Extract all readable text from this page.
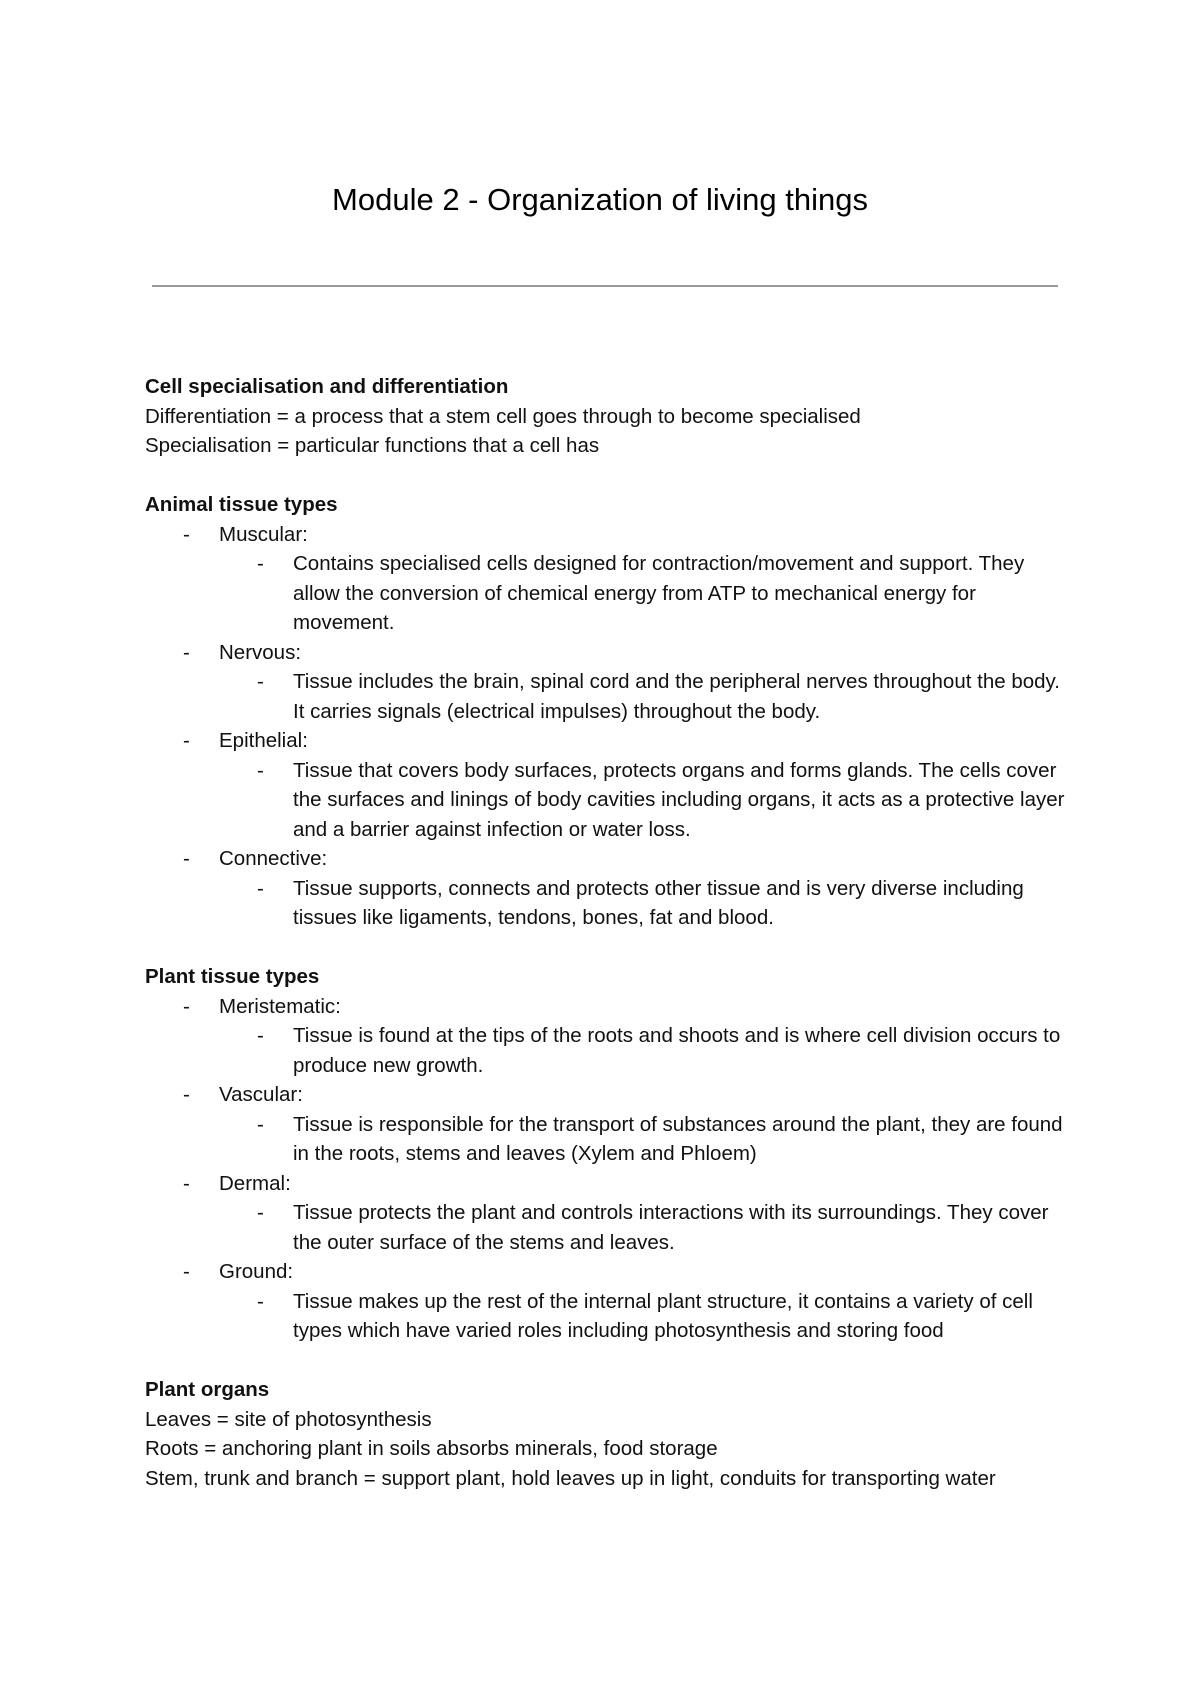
Module 2 - Organization of living things

Cell specialisation and differentiation

Differentiation = a process that a stem cell goes through to become specialised

Specialisation = particular functions that a cell has

Animal tissue types

- Muscular:
- Contains specialised cells designed for contraction/movement and support. They allow the conversion of chemical energy from ATP to mechanical energy for movement.
- Nervous:
- Tissue includes the brain, spinal cord and the peripheral nerves throughout the body. It carries signals (electrical impulses) throughout the body.
- Epithelial:
- Tissue that covers body surfaces, protects organs and forms glands. The cells cover the surfaces and linings of body cavities including organs, it acts as a protective layer and a barrier against infection or water loss.
- Connective:
- Tissue supports, connects and protects other tissue and is very diverse including tissues like ligaments, tendons, bones, fat and blood.

Plant tissue types

- Meristematic:
- Tissue is found at the tips of the roots and shoots and is where cell division occurs to produce new growth.
- Vascular:
- Tissue is responsible for the transport of substances around the plant, they are found in the roots, stems and leaves (Xylem and Phloem)
- Dermal:
- Tissue protects the plant and controls interactions with its surroundings. They cover the outer surface of the stems and leaves.
- Ground:
- Tissue makes up the rest of the internal plant structure, it contains a variety of cell types which have varied roles including photosynthesis and storing food

Plant organs

Leaves = site of photosynthesis

Roots = anchoring plant in soils absorbs minerals, food storage

Stem, trunk and branch = support plant, hold leaves up in light, conduits for transporting water
